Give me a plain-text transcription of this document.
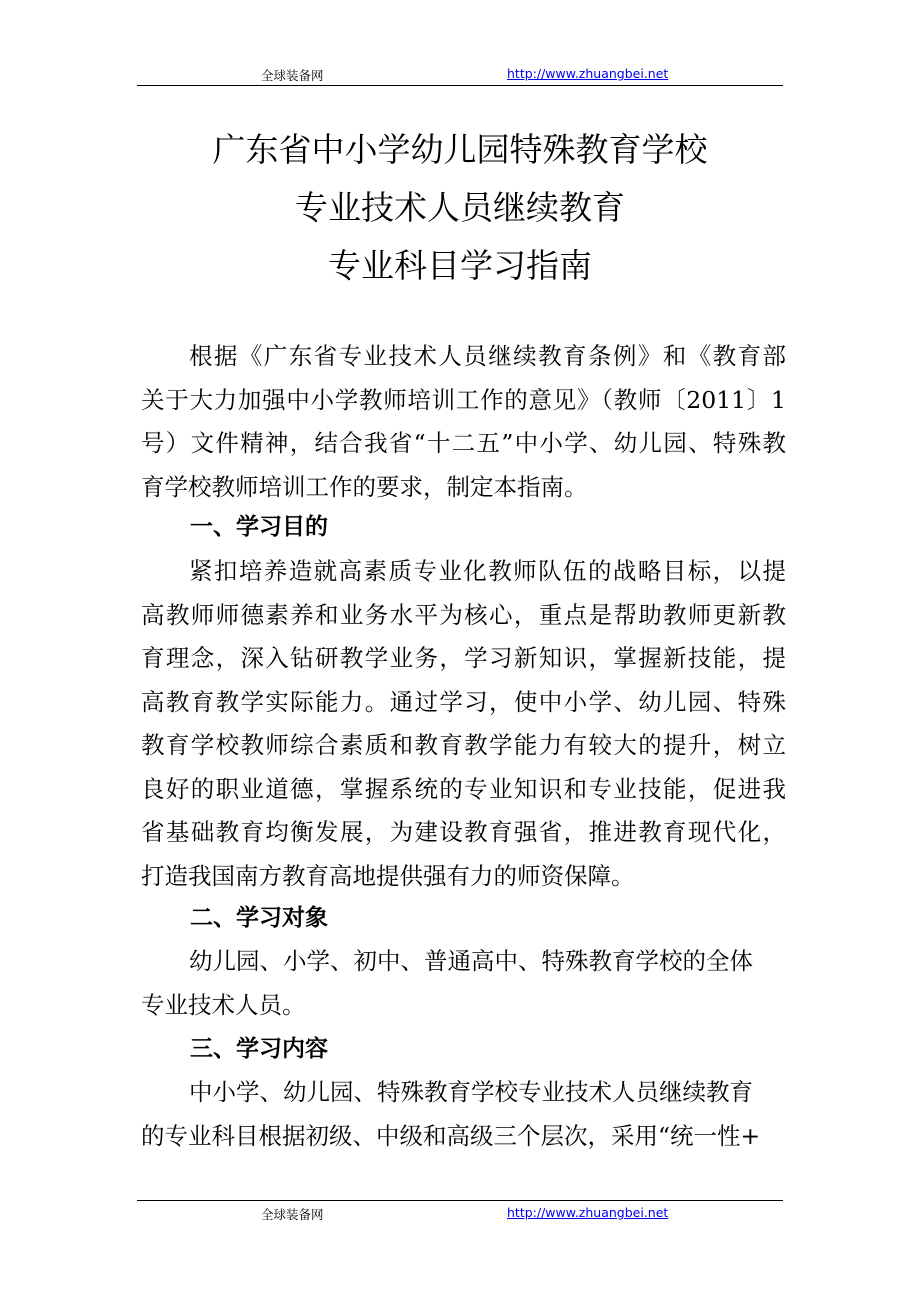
全球装备网	http://www.zhuangbei.net
广东省中小学幼儿园特殊教育学校
专业技术人员继续教育
专业科目学习指南
根据《广东省专业技术人员继续教育条例》和《教育部
关于大力加强中小学教师培训工作的意见》（教师〔2011〕1
号）文件精神，结合我省“十二五”中小学、幼儿园、特殊教
育学校教师培训工作的要求，制定本指南。
一、学习目的
紧扣培养造就高素质专业化教师队伍的战略目标，以提
高教师师德素养和业务水平为核心，重点是帮助教师更新教
育理念，深入钻研教学业务，学习新知识，掌握新技能，提
高教育教学实际能力。通过学习，使中小学、幼儿园、特殊
教育学校教师综合素质和教育教学能力有较大的提升，树立
良好的职业道德，掌握系统的专业知识和专业技能，促进我
省基础教育均衡发展，为建设教育强省，推进教育现代化，
打造我国南方教育高地提供强有力的师资保障。
二、学习对象
幼儿园、小学、初中、普通高中、特殊教育学校的全体
专业技术人员。
三、学习内容
中小学、幼儿园、特殊教育学校专业技术人员继续教育
的专业科目根据初级、中级和高级三个层次，采用“统一性+
全球装备网	http://www.zhuangbei.net
